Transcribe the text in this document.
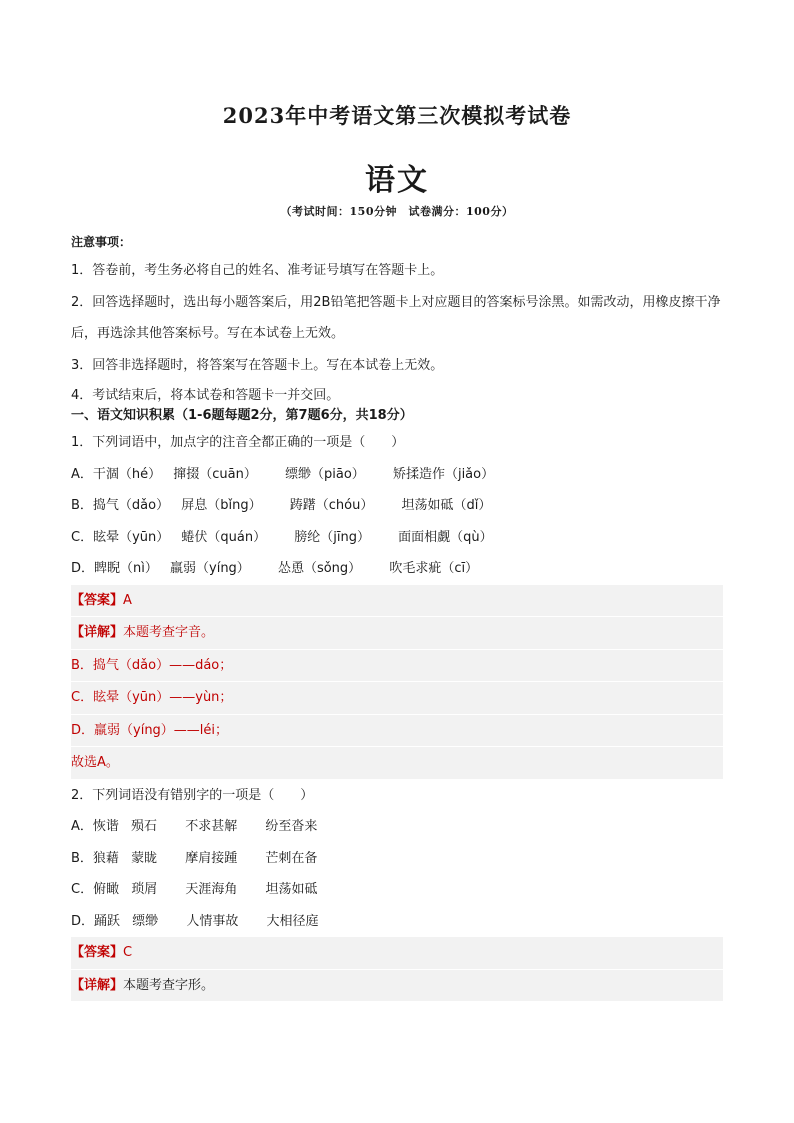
2023年中考语文第三次模拟考试卷
语文
（考试时间：150分钟　试卷满分：100分）
注意事项：
1．答卷前，考生务必将自己的姓名、准考证号填写在答题卡上。
2．回答选择题时，选出每小题答案后，用2B铅笔把答题卡上对应题目的答案标号涂黑。如需改动，用橡皮擦干净后，再选涂其他答案标号。写在本试卷上无效。
3．回答非选择题时，将答案写在答题卡上。写在本试卷上无效。
4．考试结束后，将本试卷和答题卡一并交回。
一、语文知识积累（1-6题每题2分，第7题6分，共18分）
1．下列词语中，加点字的注音全都正确的一项是（　　）
A．干涸（hé） 撺掇（cuān） 缥缈（piāo） 矫揉造作（jiǎo）
B．捣气（dǎo） 屏息（bǐng） 踌躇（chóu） 坦荡如砥（dǐ）
C．眩晕（yūn） 蜷伏（quán） 膀纶（jīng） 面面相觑（qù）
D．睥睨（nì） 羸弱（yíng） 怂恿（sǒng） 吹毛求疵（cī）
【答案】A
【详解】本题考查字音。
B．捣气（dǎo）——dáo；
C．眩晕（yūn）——yùn；
D．羸弱（yíng）——léi；
故选A。
2．下列词语没有错别字的一项是（　　）
A．恢谐 殒石 不求甚解 纷至沓来
B．狼藉 蒙眬 摩肩接踵 芒刺在备
C．俯瞰 琐屑 天涯海角 坦荡如砥
D．踊跃 缥缈 人情事故 大相径庭
【答案】C
【详解】本题考查字形。
